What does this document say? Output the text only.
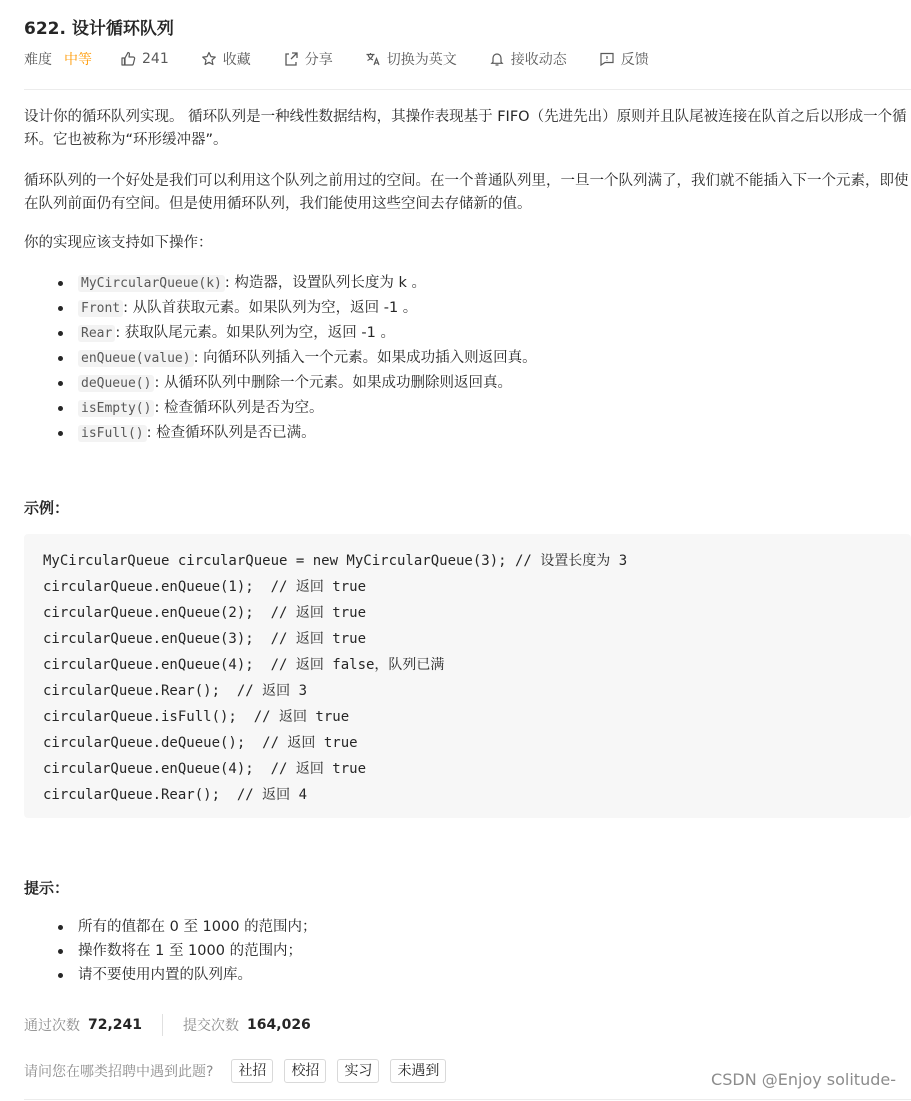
622. 设计循环队列
难度 中等	241	收藏	分享	切换为英文	接收动态	反馈
设计你的循环队列实现。 循环队列是一种线性数据结构，其操作表现基于 FIFO（先进先出）原则并且队尾被连接在队首之后以形成一个循环。它也被称为“环形缓冲器”。
循环队列的一个好处是我们可以利用这个队列之前用过的空间。在一个普通队列里，一旦一个队列满了，我们就不能插入下一个元素，即使在队列前面仍有空间。但是使用循环队列，我们能使用这些空间去存储新的值。
你的实现应该支持如下操作：
MyCircularQueue(k) : 构造器，设置队列长度为 k 。
Front : 从队首获取元素。如果队列为空，返回 -1 。
Rear : 获取队尾元素。如果队列为空，返回 -1 。
enQueue(value) : 向循环队列插入一个元素。如果成功插入则返回真。
deQueue() : 从循环队列中删除一个元素。如果成功删除则返回真。
isEmpty() : 检查循环队列是否为空。
isFull() : 检查循环队列是否已满。
示例：
MyCircularQueue circularQueue = new MyCircularQueue(3); // 设置长度为 3
circularQueue.enQueue(1);  // 返回 true
circularQueue.enQueue(2);  // 返回 true
circularQueue.enQueue(3);  // 返回 true
circularQueue.enQueue(4);  // 返回 false，队列已满
circularQueue.Rear();  // 返回 3
circularQueue.isFull();  // 返回 true
circularQueue.deQueue();  // 返回 true
circularQueue.enQueue(4);  // 返回 true
circularQueue.Rear();  // 返回 4
提示：
所有的值都在 0 至 1000 的范围内；
操作数将在 1 至 1000 的范围内；
请不要使用内置的队列库。
通过次数 72,241	提交次数 164,026
请问您在哪类招聘中遇到此题?	社招	校招	实习	未遇到	CSDN @Enjoy solitude-
